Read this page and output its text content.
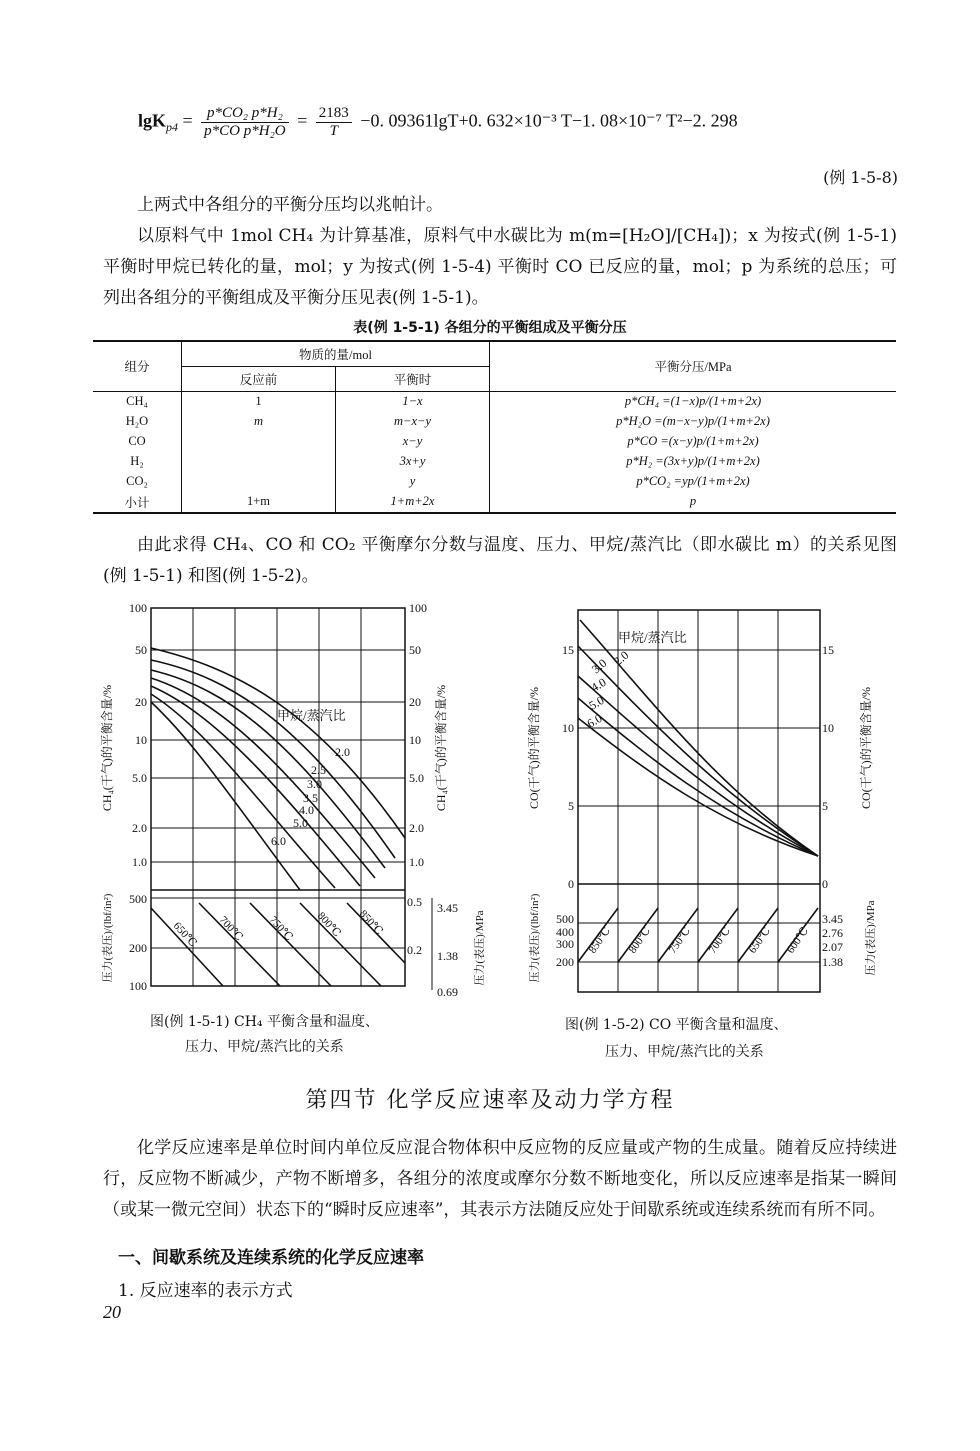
$\lg K_{p4} = \frac{\text{p*CO₂ p*H₂}}{\text{p*CO p*H₂O}} = \frac{2183}{T} -0$. 09361lgT+0. 632×10⁻³ T−1. 08×10⁻⁷ T²−2. 298
(例 1-5-8)
上两式中各组分的平衡分压均以兆帕计。
以原料气中 1mol CH₄ 为计算基准，原料气中水碳比为 m(m=[H₂O]/[CH₄])；x 为按式(例 1-5-1) 平衡时甲烷已转化的量，mol；y 为按式(例 1-5-4) 平衡时 CO 已反应的量，mol；p 为系统的总压；可列出各组分的平衡组成及平衡分压见表(例 1-5-1)。
表(例 1-5-1) 各组分的平衡组成及平衡分压
组分	物质的量/mol		平衡分压/MPa
	反应前	平衡时	
CH₄	1	1−x	p*CH₄ =(1−x)p/(1+m+2x)
H₂O	m	m−x−y	p*H₂O =(m−x−y)p/(1+m+2x)
CO		x−y	p*CO =(x−y)p/(1+m+2x)
H₂		3x+y	p*H₂ =(3x+y)p/(1+m+2x)
CO₂		y	p*CO₂ =yp/(1+m+2x)
小计	1+m	1+m+2x	p
由此求得 CH₄、CO 和 CO₂ 平衡摩尔分数与温度、压力、甲烷/蒸汽比（即水碳比 m）的关系见图(例 1-5-1) 和图(例 1-5-2)。
100
50
20
10
5.0
2.0
1.0
100
50
20
10
5.0
2.0
1.0
CH₄(干气)的平衡含量/%	CH₄(干气)的平衡含量/%
甲烷/蒸汽比
2.0
2.5
3.0
3.5
4.0
5.0
6.0
500
200
100
0.5
0.2
3.45
1.38
0.69
压力(表压)/(lbf/in²)	压力(表压)/MPa
650℃ 700℃ 750℃ 800℃ 850℃
图(例 1-5-1) CH₄ 平衡含量和温度、
压力、甲烷/蒸汽比的关系
15
10
5
0
15
10
5
0
CO(干气)的平衡含量/%	CO(干气)的平衡含量/%
甲烷/蒸汽比
2.0
3.0
4.0
5.0
6.0
500
400
300
200
3.45
2.76
2.07
1.38
压力(表压)/(lbf/in²)	压力(表压)/MPa
850℃ 800℃ 750℃ 700℃ 650℃ 600℃
图(例 1-5-2) CO 平衡含量和温度、
压力、甲烷/蒸汽比的关系
第四节 化学反应速率及动力学方程
化学反应速率是单位时间内单位反应混合物体积中反应物的反应量或产物的生成量。随着反应持续进行，反应物不断减少，产物不断增多，各组分的浓度或摩尔分数不断地变化，所以反应速率是指某一瞬间（或某一微元空间）状态下的“瞬时反应速率”，其表示方法随反应处于间歇系统或连续系统而有所不同。
一、间歇系统及连续系统的化学反应速率
1. 反应速率的表示方式
20
